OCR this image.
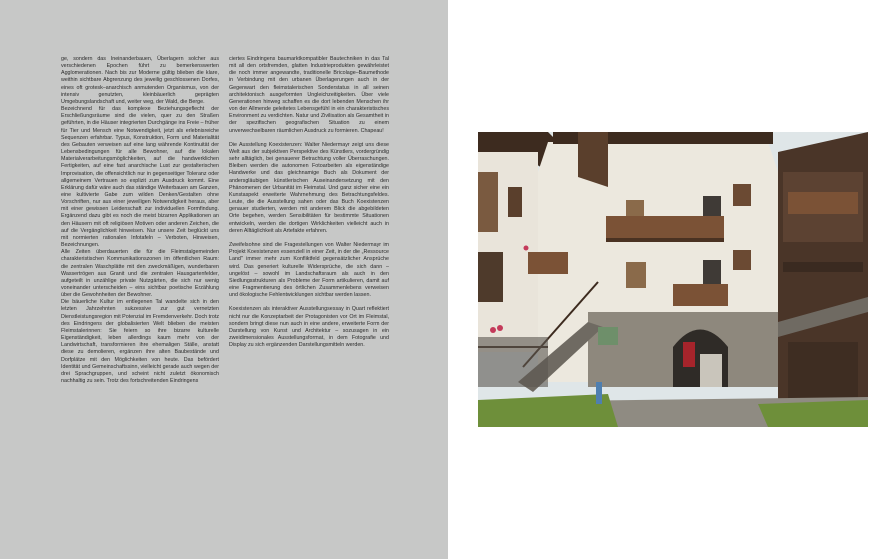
ge, sondern das Ineinanderbauen, Überlagern solcher aus verschiedenen Epochen führt zu bemerkenswerten Agglomerationen. Nach bis zur Moderne gültig blieben die klare, weithin sichtbare Abgrenzung des jeweilig geschlossenen Dorfes, eines oft grotesk–anarchisch anmutenden Organismus, von der intensiv genutzten, kleinbäuerlich geprägten Umgebungslandschaft und, weiter weg, der Wald, die Berge.

Bezeichnend für das komplexe Beziehungsgeflecht der Erschließungsräume sind die vielen, quer zu den Straßen geführten, in die Häuser integrierten Durchgänge ins Freie – früher für Tier und Mensch eine Notwendigkeit, jetzt als erlebnisreiche Sequenzen erfahrbar. Typus, Konstruktion, Form und Materialität des Gebauten verweisen auf eine lang währende Kontinuität der Lebensbedingungen für alle Bewohner, auf die lokalen Materialverarbeitungsmöglichkeiten, auf die handwerklichen Fertigkeiten, auf eine fast anarchische Lust zur gestalterischen Improvisation, die offensichtlich nur in gegenseitiger Toleranz oder allgemeinem Vertrauen so explizit zum Ausdruck kommt. Eine Erklärung dafür wäre auch das ständige Weiterbauen am Ganzen, eine kultivierte Gabe zum wilden Denken/Gestalten ohne Vorschriften, nur aus einer jeweiligen Notwendigkeit heraus, aber mit einer gewissen Leidenschaft zur individuellen Formfindung. Ergänzend dazu gibt es noch die meist bizarren Applikationen an den Häusern mit oft religiösen Motiven oder anderen Zeichen, die auf die Vergänglichkeit hinweisen. Nur unsere Zeit beglückt uns mit normierten rationalen Infotafeln – Verboten, Hinweisen, Bezeichnungen.

Alle Zeiten überdauerten die für die Fleimstalgemeinden charakteristischen Kommunikationszonen im öffentlichen Raum: die zentralen Waschplätte mit den zweckmäßigen, wunderbaren Wassertrögen aus Granit und die zentralen Hausgartenfelder, aufgeteilt in unzählige private Nutzgärten, die sich nur wenig voneinander unterscheiden – eins sichtbar poetische Erzählung über die Gewohnheiten der Bewohner.

Die bäuerliche Kultur im entlegenen Tal wandelte sich in den letzten Jahrzehnten sukzessive zur gut vernetzten Dienstleistungsregion mit Potenzial im Fremdenverkehr. Doch trotz des Eindringens der globalisierten Welt blieben die meisten Fleimstalerinnen: Sie feiern so ihre bizarre kulturelle Eigenständigkeit, leben allerdings kaum mehr von der Landwirtschaft, transformieren ihre ehemaligen Ställe, anstatt diese zu demolieren, ergänzen ihre alten Baubestände und Dorfplätze mit den Möglichkeiten von heute. Das befördert Identität und Gemeinschaftssinn, vielleicht gerade auch wegen der drei Sprachgruppen, und scheint nicht zuletzt ökonomisch nachhaltig zu sein. Trotz des fortschreitenden Eindringens

ciertes Eindringens baumarktkompatibler Bautechniken in das Tal mit all den ortsfremden, glatten Industrieprodukten gewährleistet die noch immer angewandte, traditionelle Bricolage–Baumethode in Verbindung mit den urbanen Überlagerungen auch in der Gegenwart den fleimstalerischen Sonderstatus in all seinen architektonisch ausgeformten Ungleichzeitigkeiten. Über viele Generationen hinweg schaffen es die dort lebenden Menschen ihr von der Allmende geleitetes Lebensgefühl in ein charakteristisches Environment zu verdichten. Natur und Zivilisation als Gesamtheit in der spezifischen geografischen Situation zu einem unverwechselbaren räumlichen Ausdruck zu formieren. Chapeau!

Die Ausstellung Koexistenzen: Walter Niedermayr zeigt uns diese Welt aus der subjektiven Perspektive des Künstlers, vordergründig sehr alltäglich, bei genauerer Betrachtung voller Überraschungen. Bleiben werden die autonomen Fotoarbeiten als eigenständige Handwerke und das gleichnamige Buch als Dokument der andersgläubigen künstlerischen Auseinandersetzung mit den Phänomenen der Urbanität im Fleimstal. Und ganz sicher eine ein Kunstaspekt erweiterte Wahrnehmung des Betrachtungsfeldes. Leute, die die Ausstellung sahen oder das Buch Koexistenzen genauer studierten, werden mit anderem Blick die abgebildeten Orte begehen, werden Sensibilitäten für bestimmte Situationen entwickeln, werden die dortigen Wirklichkeiten vielleicht auch in deren Alltäglichkeit als Artefakte erfahren.

Zweifelsohne sind die Fragestellungen von Walter Niedermayr im Projekt Koexistenzen essenziell in einer Zeit, in der die „Ressource Land" immer mehr zum Konfliktfeld gegensätzlicher Ansprüche wird. Das generiert kulturelle Widersprüche, die sich dann – ungelöst – sowohl im Landschaftsraum als auch in den Siedlungsstrukturen als Probleme der Form artikulieren, damit auf eine Fragmentierung des örtlichen Zusammenlebens verweisen und ökologische Fehlentwicklungen sichtbar werden lassen.

Koexistenzen als interaktiver Ausstellungsessay in Quart reflektiert nicht nur die Konzeptarbeit der Protagonisten vor Ort im Fleimstal, sondern bringt diese nun auch in eine andere, erweiterte Form der Darstellung von Kunst und Architektur – sozusagen in ein zweidimensionales Ausstellungsformat, in dem Fotografie und Display zu sich ergänzenden Darstellungsmitteln werden.
